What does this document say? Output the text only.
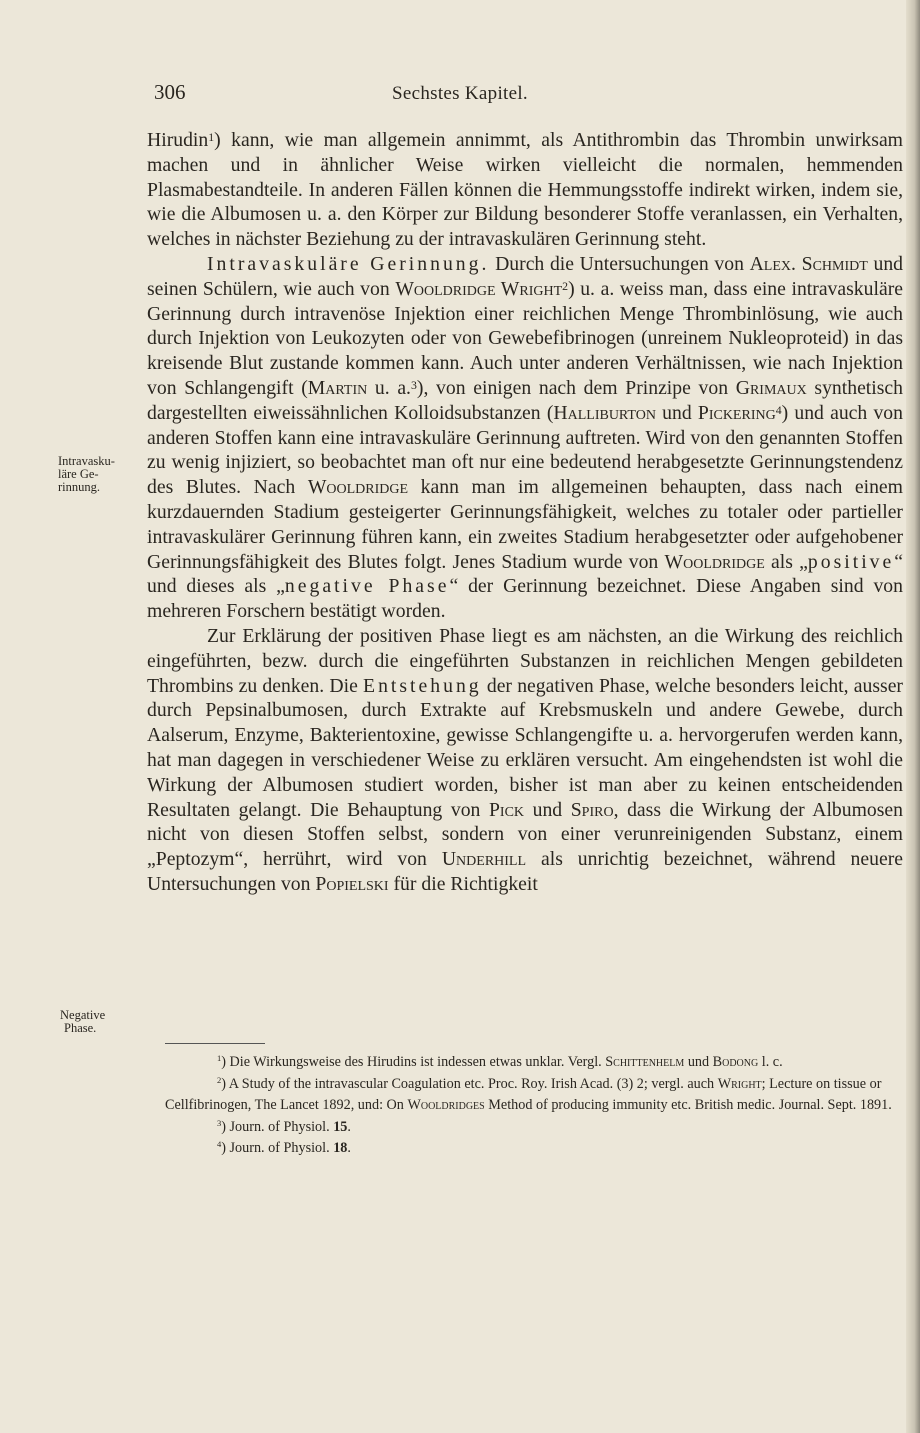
306	Sechstes Kapitel.
Intravasku-
läre Ge-
rinnung.
Negative
Phase.

Hirudin$^1$) kann, wie man allgemein annimmt, als Antithrombin das Thrombin unwirksam machen und in ähnlicher Weise wirken vielleicht die normalen, hemmenden Plasmabestandteile. In anderen Fällen können die Hemmungsstoffe indirekt wirken, indem sie, wie die Albumosen u. a. den Körper zur Bildung besonderer Stoffe veranlassen, ein Verhalten, welches in nächster Beziehung zu der intravaskulären Gerinnung steht.

Intravaskuläre Gerinnung. Durch die Untersuchungen von Alex. Schmidt und seinen Schülern, wie auch von Wooldridge Wright$^2$) u. a. weiss man, dass eine intravaskuläre Gerinnung durch intravenöse Injektion einer reichlichen Menge Thrombinlösung, wie auch durch Injektion von Leukozyten oder von Gewebefibrinogen (unreinem Nukleoproteid) in das kreisende Blut zustande kommen kann. Auch unter anderen Verhältnissen, wie nach Injektion von Schlangengift (Martin u. a.$^3$), von einigen nach dem Prinzipe von Grimaux synthetisch dargestellten eiweissähnlichen Kolloidsubstanzen (Halliburton und Pickering$^4$) und auch von anderen Stoffen kann eine intravaskuläre Gerinnung auftreten. Wird von den genannten Stoffen zu wenig injiziert, so beobachtet man oft nur eine bedeutend herabgesetzte Gerinnungstendenz des Blutes. Nach Wooldridge kann man im allgemeinen behaupten, dass nach einem kurzdauernden Stadium gesteigerter Gerinnungsfähigkeit, welches zu totaler oder partieller intravaskulärer Gerinnung führen kann, ein zweites Stadium herabgesetzter oder aufgehobener Gerinnungsfähigkeit des Blutes folgt. Jenes Stadium wurde von Wooldridge als „positive“ und dieses als „negative Phase“ der Gerinnung bezeichnet. Diese Angaben sind von mehreren Forschern bestätigt worden.

Zur Erklärung der positiven Phase liegt es am nächsten, an die Wirkung des reichlich eingeführten, bezw. durch die eingeführten Substanzen in reichlichen Mengen gebildeten Thrombins zu denken. Die Entstehung der negativen Phase, welche besonders leicht, ausser durch Pepsinalbumosen, durch Extrakte auf Krebsmuskeln und andere Gewebe, durch Aalserum, Enzyme, Bakterientoxine, gewisse Schlangengifte u. a. hervorgerufen werden kann, hat man dagegen in verschiedener Weise zu erklären versucht. Am eingehendsten ist wohl die Wirkung der Albumosen studiert worden, bisher ist man aber zu keinen entscheidenden Resultaten gelangt. Die Behauptung von Pick und Spiro, dass die Wirkung der Albumosen nicht von diesen Stoffen selbst, sondern von einer verunreinigenden Substanz, einem „Peptozym“, herrührt, wird von Underhill als unrichtig bezeichnet, während neuere Untersuchungen von Popielski für die Richtigkeit

$^1$) Die Wirkungsweise des Hirudins ist indessen etwas unklar. Vergl. Schittenhelm und Bodong l. c.

$^2$) A Study of the intravascular Coagulation etc. Proc. Roy. Irish Acad. (3) 2; vergl. auch Wright; Lecture on tissue or Cellfibrinogen, The Lancet 1892, und: On Wooldridges Method of producing immunity etc. British medic. Journal. Sept. 1891.

$^3$) Journ. of Physiol. 15.

$^4$) Journ. of Physiol. 18.
